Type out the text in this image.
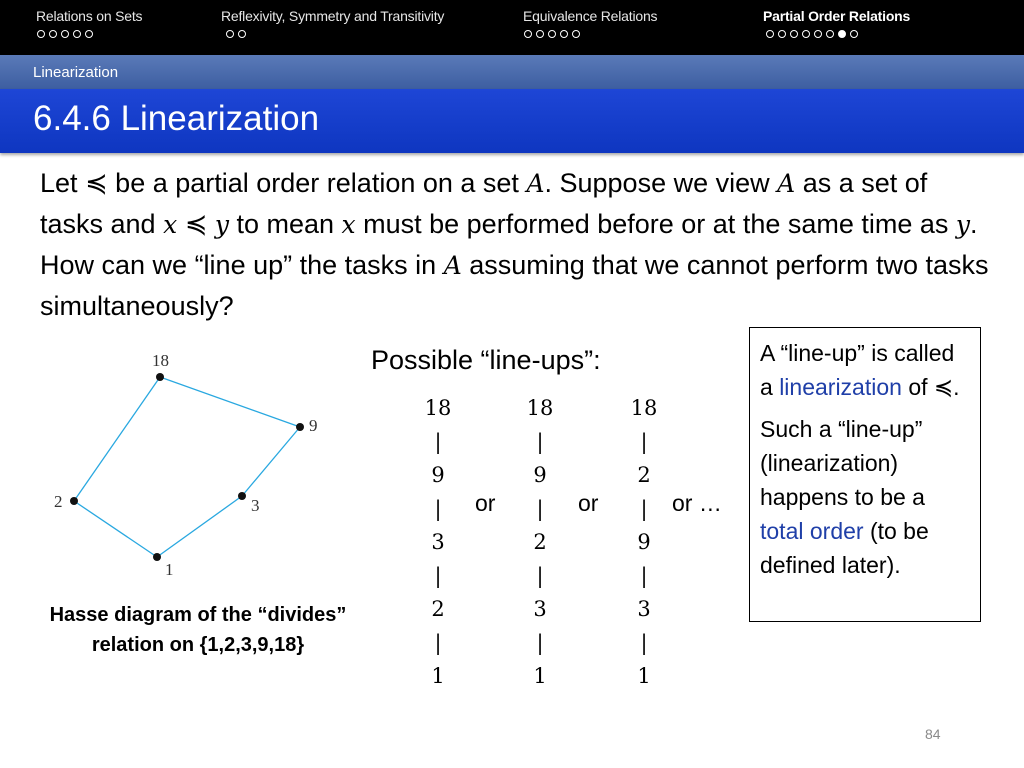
Relations on Sets	Reflexivity, Symmetry and Transitivity	Equivalence Relations	Partial Order Relations
Linearization
6.4.6 Linearization

Let ≼ be a partial order relation on a set A. Suppose we view A as a set of tasks and x ≼ y to mean x must be performed before or at the same time as y. How can we “line up” the tasks in A assuming that we cannot perform two tasks simultaneously?

18
9
2	3
1
Hasse diagram of the “divides”
relation on {1,2,3,9,18}
Possible “line-ups”:
18
|
9
|
3
|
2
|
1
18
|
9
|
2
|
3
|
1
18
|
2
|
9
|
3
|
1
or	or	or …

A “line-up” is called a linearization of ≼.

Such a “line-up” (linearization) happens to be a total order (to be defined later).

84
